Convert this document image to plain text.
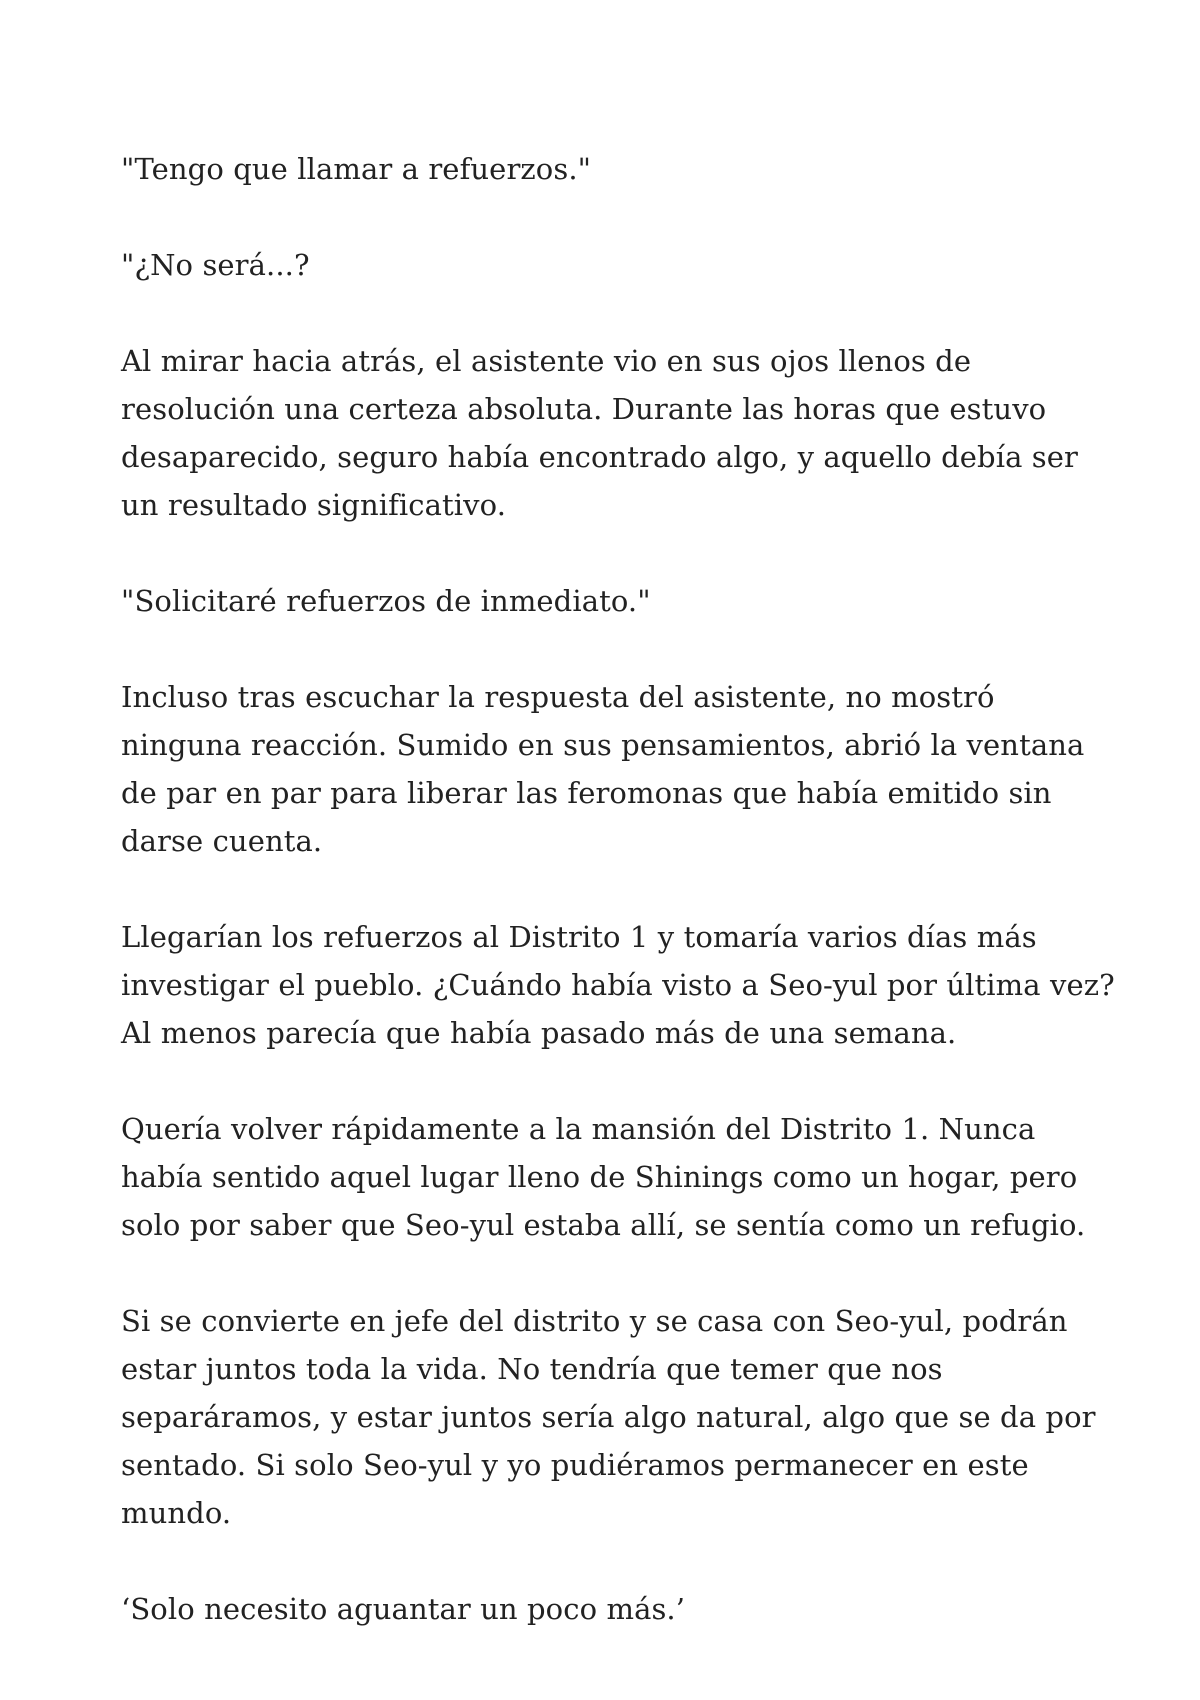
"Tengo que llamar a refuerzos."

"¿No será...?

Al mirar hacia atrás, el asistente vio en sus ojos llenos de resolución una certeza absoluta. Durante las horas que estuvo desaparecido, seguro había encontrado algo, y aquello debía ser un resultado significativo.

"Solicitaré refuerzos de inmediato."

Incluso tras escuchar la respuesta del asistente, no mostró ninguna reacción. Sumido en sus pensamientos, abrió la ventana de par en par para liberar las feromonas que había emitido sin darse cuenta.

Llegarían los refuerzos al Distrito 1 y tomaría varios días más investigar el pueblo. ¿Cuándo había visto a Seo-yul por última vez? Al menos parecía que había pasado más de una semana.

Quería volver rápidamente a la mansión del Distrito 1. Nunca había sentido aquel lugar lleno de Shinings como un hogar, pero solo por saber que Seo-yul estaba allí, se sentía como un refugio.

Si se convierte en jefe del distrito y se casa con Seo-yul, podrán estar juntos toda la vida. No tendría que temer que nos separáramos, y estar juntos sería algo natural, algo que se da por sentado. Si solo Seo-yul y yo pudiéramos permanecer en este mundo.

‘Solo necesito aguantar un poco más.’
